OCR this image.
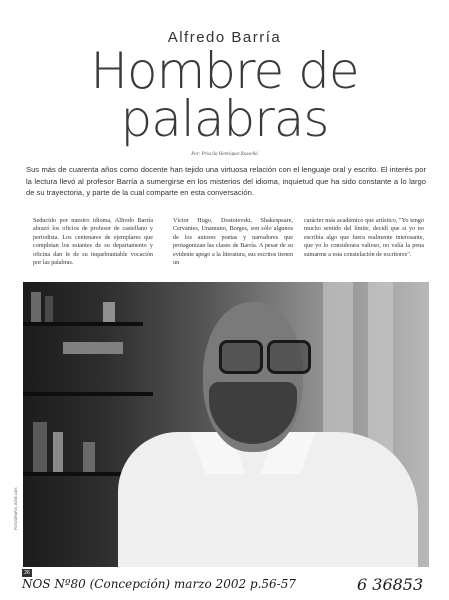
Alfredo Barría
Hombre de
palabras
Por: Priscila Henríquez Rosselló
Sus más de cuarenta años como docente han tejido una virtuosa relación con el lenguaje oral y escrito. El interés por la lectura llevó al profesor Barría a sumergirse en los misterios del idioma, inquietud que ha sido constante a lo largo de su trayectoria, y parte de la cual comparte en esta conversación.
Seducido por nuestro idioma, Alfredo Barría abrazó los oficios de profesor de castellano y periodista. Los centenares de ejemplares que completan los estantes de su departamento y oficina dan fe de su inquebrantable vocación por las palabras.
Víctor Hugo, Dostoievski, Shakespeare, Cervantes, Unamuno, Borges, son sólo algunos de los autores poetas y narradores que protagonizan las clases de Barría. A pesar de su evidente apego a la literatura, sus escritos tienen un
carácter más académico que artístico, "Yo tengo mucho sentido del límite, decidí que si yo no escribía algo que fuera realmente interesante, que yo lo considerara valioso, no valía la pena sumarme a esta constelación de escritores".
FOTOGRAFÍA: JOSÉ LUIS
26
NOS Nº80 (Concepción) marzo 2002 p.56-57	6 36853
